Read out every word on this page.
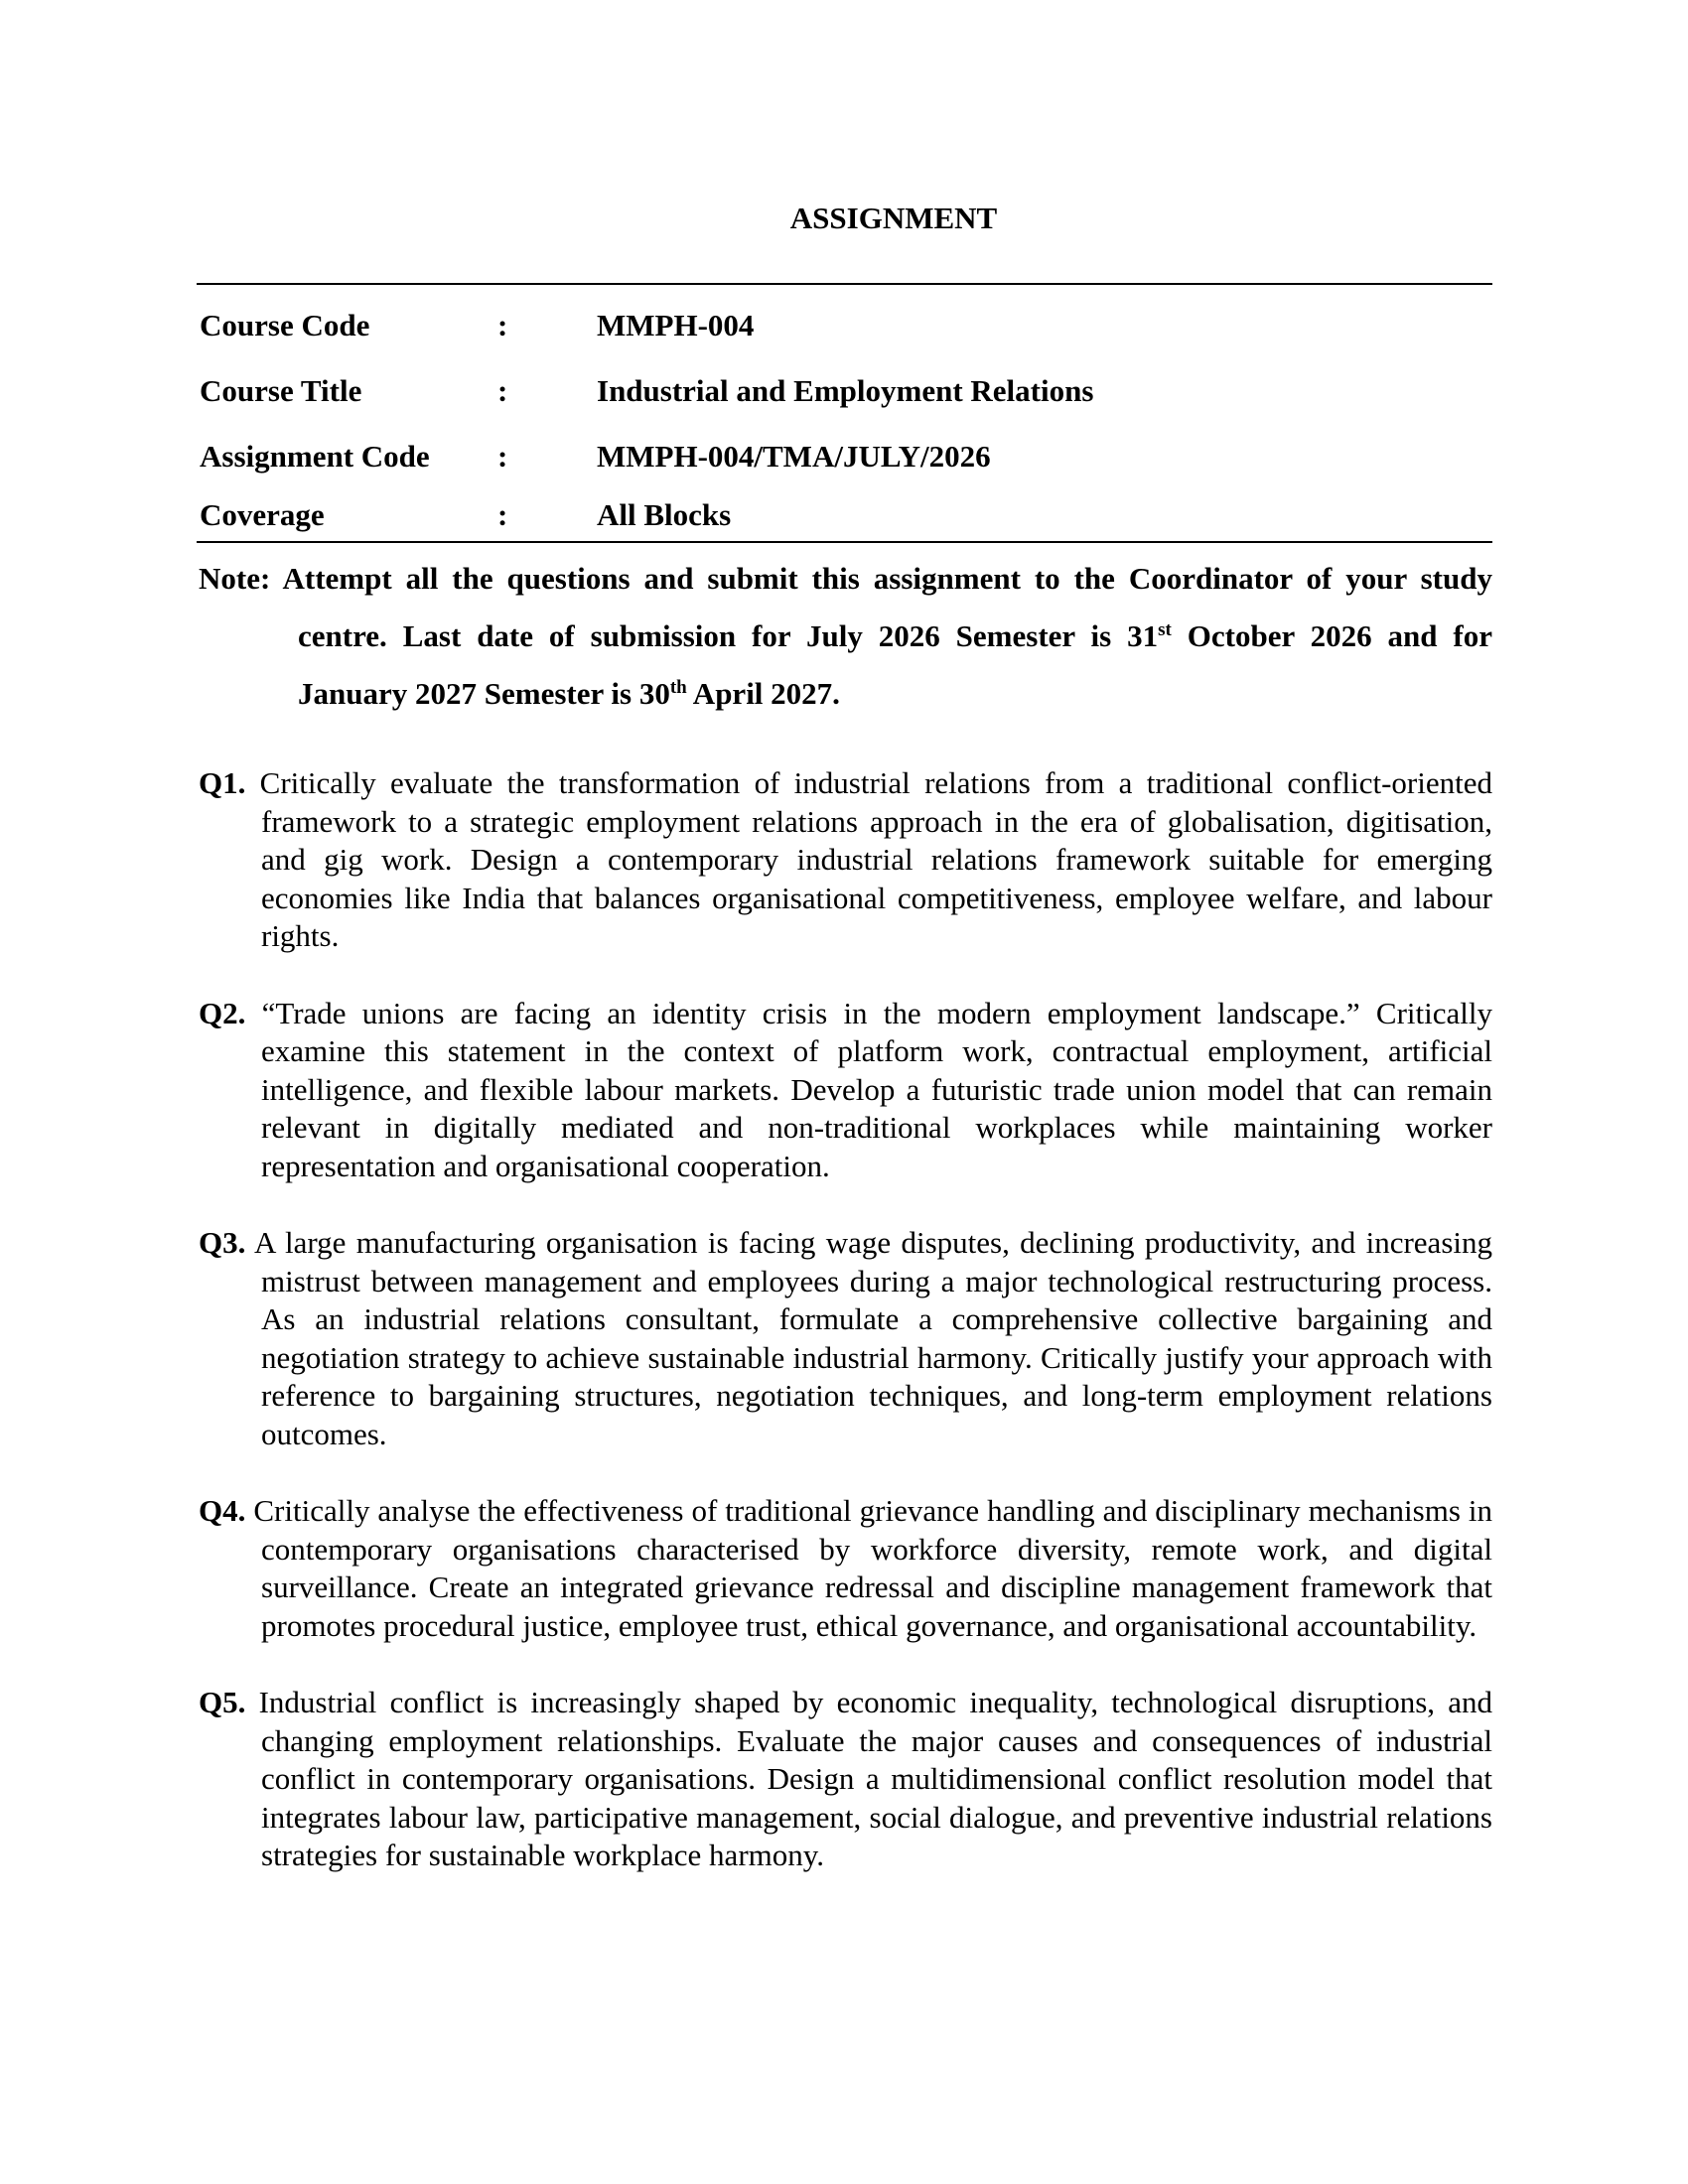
ASSIGNMENT
Course Code	:	MMPH-004
Course Title	:	Industrial and Employment Relations
Assignment Code	:	MMPH-004/TMA/JULY/2026
Coverage	:	All Blocks
Note: Attempt all the questions and submit this assignment to the Coordinator of your study centre. Last date of submission for July 2026 Semester is 31st October 2026 and for January 2027 Semester is 30th April 2027.

Q1. Critically evaluate the transformation of industrial relations from a traditional conflict-oriented framework to a strategic employment relations approach in the era of globalisation, digitisation, and gig work. Design a contemporary industrial relations framework suitable for emerging economies like India that balances organisational competitiveness, employee welfare, and labour rights.

Q2. “Trade unions are facing an identity crisis in the modern employment landscape.” Critically examine this statement in the context of platform work, contractual employment, artificial intelligence, and flexible labour markets. Develop a futuristic trade union model that can remain relevant in digitally mediated and non-traditional workplaces while maintaining worker representation and organisational cooperation.

Q3. A large manufacturing organisation is facing wage disputes, declining productivity, and increasing mistrust between management and employees during a major technological restructuring process. As an industrial relations consultant, formulate a comprehensive collective bargaining and negotiation strategy to achieve sustainable industrial harmony. Critically justify your approach with reference to bargaining structures, negotiation techniques, and long-term employment relations outcomes.

Q4. Critically analyse the effectiveness of traditional grievance handling and disciplinary mechanisms in contemporary organisations characterised by workforce diversity, remote work, and digital surveillance. Create an integrated grievance redressal and discipline management framework that promotes procedural justice, employee trust, ethical governance, and organisational accountability.

Q5. Industrial conflict is increasingly shaped by economic inequality, technological disruptions, and changing employment relationships. Evaluate the major causes and consequences of industrial conflict in contemporary organisations. Design a multidimensional conflict resolution model that integrates labour law, participative management, social dialogue, and preventive industrial relations strategies for sustainable workplace harmony.
